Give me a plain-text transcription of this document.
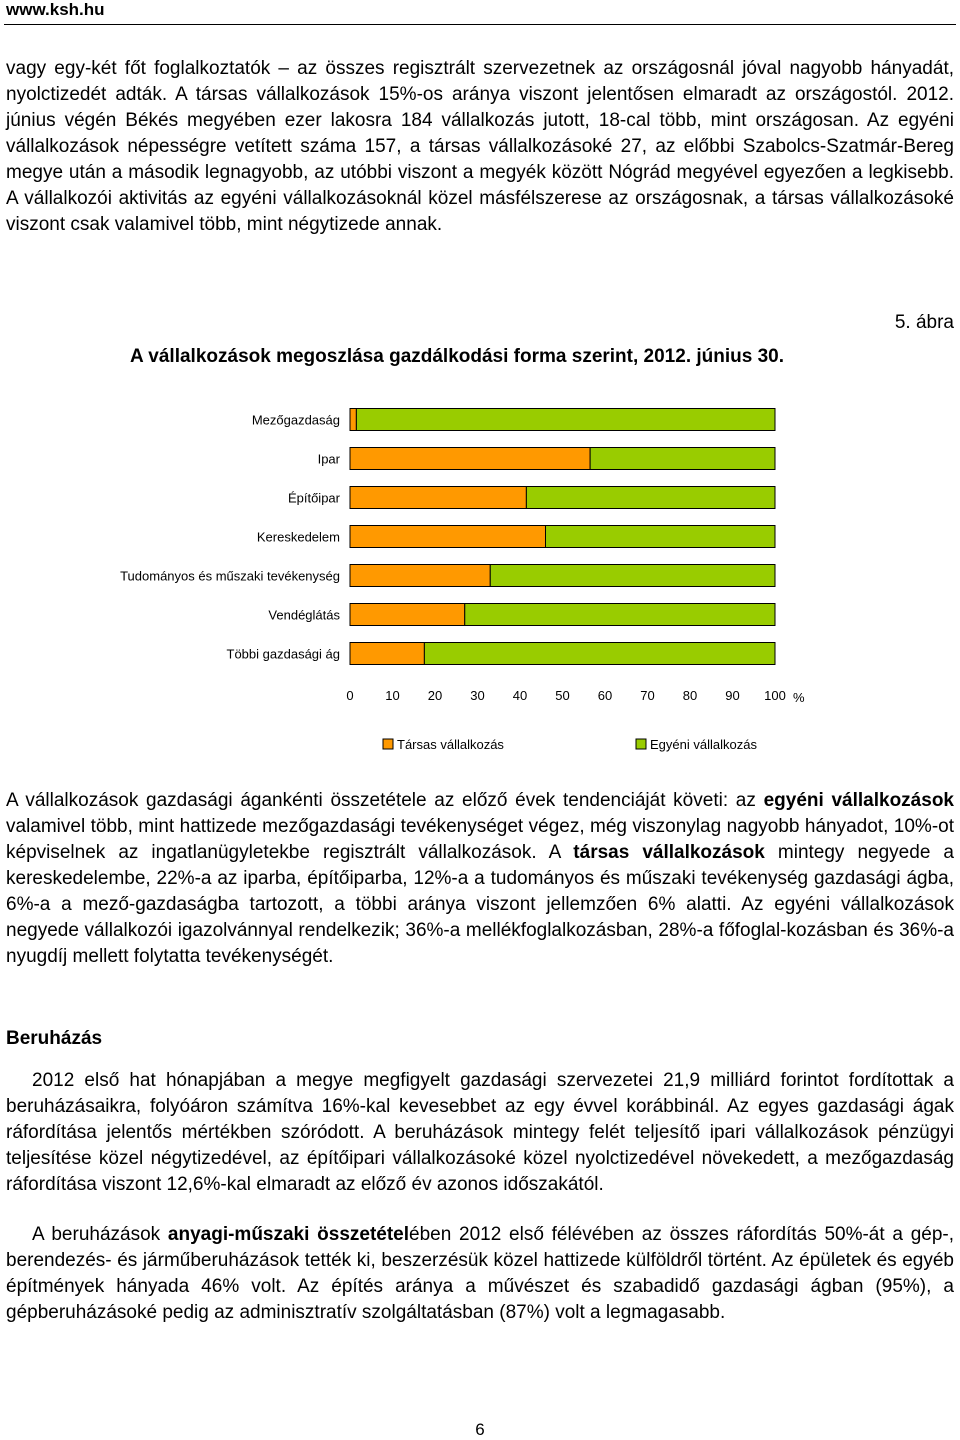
www.ksh.hu

vagy egy-két főt foglalkoztatók – az összes regisztrált szervezetnek az országosnál jóval nagyobb hányadát, nyolctizedét adták. A társas vállalkozások 15%-os aránya viszont jelentősen elmaradt az országostól. 2012. június végén Békés megyében ezer lakosra 184 vállalkozás jutott, 18-cal több, mint országosan. Az egyéni vállalkozások népességre vetített száma 157, a társas vállalkozásoké 27, az előbbi Szabolcs-Szatmár-Bereg megye után a második legnagyobb, az utóbbi viszont a megyék között Nógrád megyével egyezően a legkisebb. A vállalkozói aktivitás az egyéni vállalkozásoknál közel másfélszerese az országosnak, a társas vállalkozásoké viszont csak valamivel több, mint négytizede annak.

5. ábra
A vállalkozások megoszlása gazdálkodási forma szerint, 2012. június 30.
Mezőgazdaság
Ipar
Építőipar
Kereskedelem
Tudományos és műszaki tevékenység
Vendéglátás
Többi gazdasági ág
0 10 20 30 40 50 60 70 80 90 100 %
Társas vállalkozás	Egyéni vállalkozás

A vállalkozások gazdasági ágankénti összetétele az előző évek tendenciáját követi: az egyéni vállalkozások valamivel több, mint hattizede mezőgazdasági tevékenységet végez, még viszonylag nagyobb hányadot, 10%-ot képviselnek az ingatlanügyletekbe regisztrált vállalkozások. A társas vállalkozások mintegy negyede a kereskedelembe, 22%-a az iparba, építőiparba, 12%-a a tudományos és műszaki tevékenység gazdasági ágba, 6%-a a mező-gazdaságba tartozott, a többi aránya viszont jellemzően 6% alatti. Az egyéni vállalkozások negyede vállalkozói igazolvánnyal rendelkezik; 36%-a mellékfoglalkozásban, 28%-a főfoglal-kozásban és 36%-a nyugdíj mellett folytatta tevékenységét.

Beruházás

2012 első hat hónapjában a megye megfigyelt gazdasági szervezetei 21,9 milliárd forintot fordítottak a beruházásaikra, folyóáron számítva 16%-kal kevesebbet az egy évvel korábbinál. Az egyes gazdasági ágak ráfordítása jelentős mértékben szóródott. A beruházások mintegy felét teljesítő ipari vállalkozások pénzügyi teljesítése közel négytizedével, az építőipari vállalkozásoké közel nyolctizedével növekedett, a mezőgazdaság ráfordítása viszont 12,6%-kal elmaradt az előző év azonos időszakától.

A beruházások anyagi-műszaki összetételében 2012 első félévében az összes ráfordítás 50%-át a gép-, berendezés- és járműberuházások tették ki, beszerzésük közel hattizede külföldről történt. Az épületek és egyéb építmények hányada 46% volt. Az építés aránya a művészet és szabadidő gazdasági ágban (95%), a gépberuházásoké pedig az adminisztratív szolgáltatásban (87%) volt a legmagasabb.

6
